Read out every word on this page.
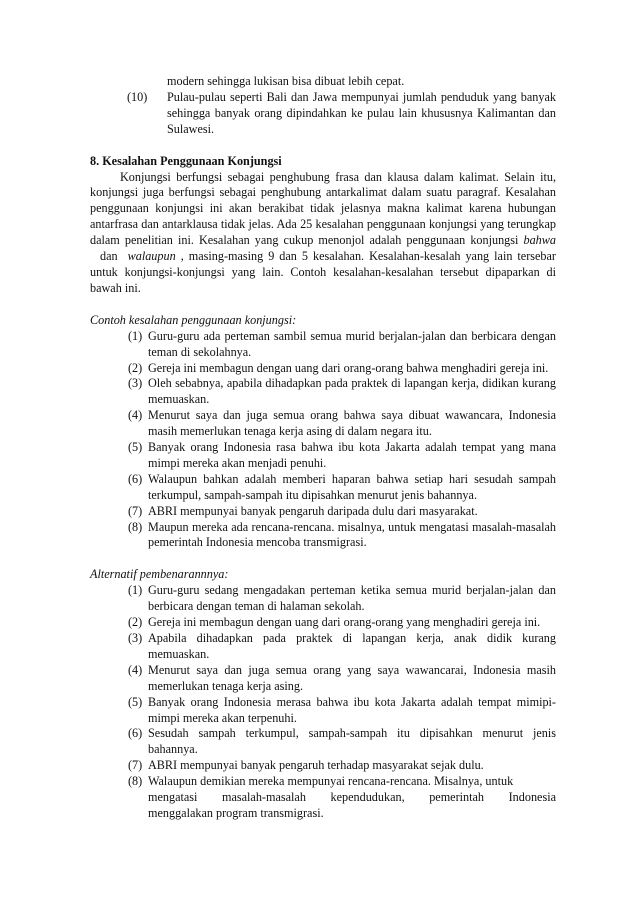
modern sehingga lukisan bisa dibuat lebih cepat.
(10) Pulau-pulau seperti Bali dan Jawa mempunyai jumlah penduduk yang banyak sehingga banyak orang dipindahkan ke pulau lain khususnya Kalimantan dan Sulawesi.
8. Kesalahan Penggunaan Konjungsi

Konjungsi berfungsi sebagai penghubung frasa dan klausa dalam kalimat. Selain itu, konjungsi juga berfungsi sebagai penghubung antarkalimat dalam suatu paragraf. Kesalahan penggunaan konjungsi ini akan berakibat tidak jelasnya makna kalimat karena hubungan antarfrasa dan antarklausa tidak jelas. Ada 25 kesalahan penggunaan konjungsi yang terungkap dalam penelitian ini. Kesalahan yang cukup menonjol adalah penggunaan konjungsi bahwa  dan  walaupun , masing-masing 9 dan 5 kesalahan. Kesalahan-kesalah yang lain tersebar untuk konjungsi-konjungsi yang lain. Contoh kesalahan-kesalahan tersebut dipaparkan di bawah ini.

Contoh kesalahan penggunaan konjungsi:
(1) Guru-guru ada perteman sambil semua murid berjalan-jalan dan berbicara dengan teman di sekolahnya.
(2) Gereja ini membagun dengan uang dari orang-orang bahwa menghadiri gereja ini.
(3) Oleh sebabnya, apabila dihadapkan pada praktek di lapangan kerja, didikan kurang memuaskan.
(4) Menurut saya dan juga semua orang bahwa saya dibuat wawancara, Indonesia masih memerlukan tenaga kerja asing di dalam negara itu.
(5) Banyak orang Indonesia rasa bahwa ibu kota Jakarta adalah tempat yang mana mimpi mereka akan menjadi penuhi.
(6) Walaupun bahkan adalah memberi haparan bahwa setiap hari sesudah sampah terkumpul, sampah-sampah itu dipisahkan menurut jenis bahannya.
(7) ABRI mempunyai banyak pengaruh daripada dulu dari masyarakat.
(8) Maupun mereka ada rencana-rencana. misalnya, untuk mengatasi masalah-masalah pemerintah Indonesia mencoba transmigrasi.
Alternatif pembenarannnya:
(1) Guru-guru sedang mengadakan perteman ketika semua murid berjalan-jalan dan berbicara dengan teman di halaman sekolah.
(2) Gereja ini membagun dengan uang dari orang-orang yang menghadiri gereja ini.
(3) Apabila dihadapkan pada praktek di lapangan kerja, anak didik kurang memuaskan.
(4) Menurut saya dan juga semua orang yang saya wawancarai, Indonesia masih memerlukan tenaga kerja asing.
(5) Banyak orang Indonesia merasa bahwa ibu kota Jakarta adalah tempat mimipi-mimpi mereka akan terpenuhi.
(6) Sesudah sampah terkumpul, sampah-sampah itu dipisahkan menurut jenis bahannya.
(7) ABRI mempunyai banyak pengaruh terhadap masyarakat sejak dulu.
(8) Walaupun demikian mereka mempunyai rencana-rencana. Misalnya, untuk
mengatasi masalah-masalah kependudukan, pemerintah Indonesia
menggalakan program transmigrasi.
